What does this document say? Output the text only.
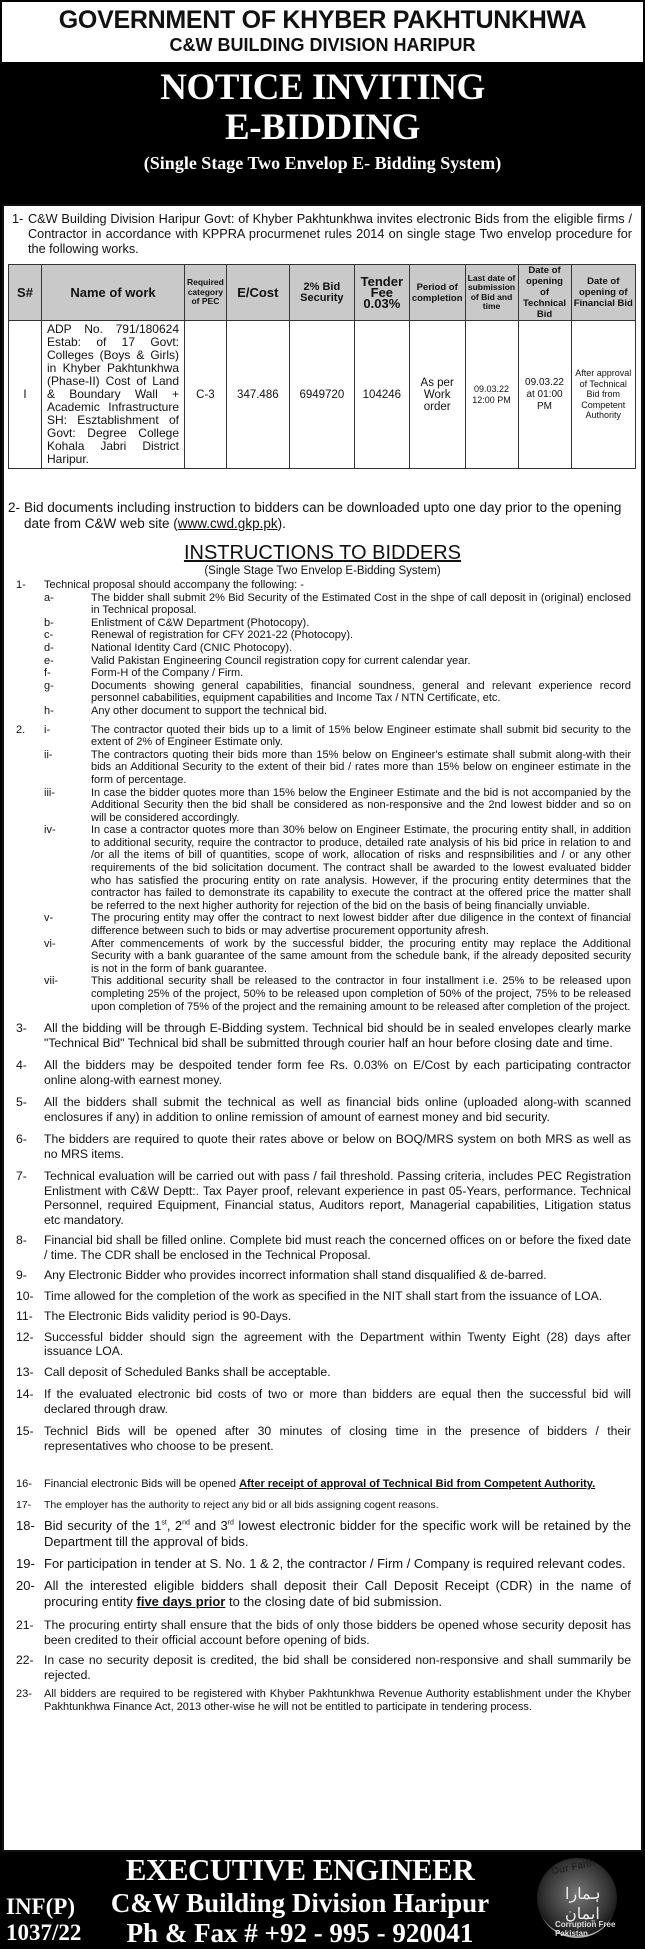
GOVERNMENT OF KHYBER PAKHTUNKHWA
C&W BUILDING DIVISION HARIPUR
NOTICE INVITING
E-BIDDING
(Single Stage Two Envelop E- Bidding System)
1- C&W Building Division Haripur Govt: of Khyber Pakhtunkhwa invites electronic Bids from the eligible firms / Contractor in accordance with KPPRA procurmenet rules 2014 on single stage Two envelop procedure for the following works.
S#	Name of work	Required category of PEC	E/Cost	2% Bid Security	Tender Fee 0.03%	Period of completion	Last date of submission of Bid and time	Date of opening of Technical Bid	Date of opening of Financial Bid
I	ADP No. 791/180624 Estab: of 17 Govt: Colleges (Boys & Girls) in Khyber Pakhtunkhwa (Phase-II) Cost of Land & Boundary Wall + Academic Infrastructure SH: Esztablishment of Govt: Degree College Kohala Jabri District Haripur.	C-3	347.486	6949720	104246	As per Work order	09.03.22 12:00 PM	09.03.22 at 01:00 PM	After approval of Technical Bid from Competent Authority
2- Bid documents including instruction to bidders can be downloaded upto one day prior to the opening date from C&W web site (www.cwd.gkp.pk).
INSTRUCTIONS TO BIDDERS
(Single Stage Two Envelop E-Bidding System)
1- Technical proposal should accompany the following: -
a-	The bidder shall submit 2% Bid Security of the Estimated Cost in the shpe of call deposit in (original) enclosed in Technical proposal.
b-	Enlistment of C&W Department (Photocopy).
c-	Renewal of registration for CFY 2021-22 (Photocopy).
d-	National Identity Card (CNIC Photocopy).
e-	Valid Pakistan Engineering Council registration copy for current calendar year.
f-	Form-H of the Company / Firm.
g-	Documents showing general capabilities, financial soundness, general and relevant experience record personnel cababilities, equipment capabilities and Income Tax / NTN Certificate, etc.
h-	Any other document to support the technical bid.
2. i-	The contractor quoted their bids up to a limit of 15% below Engineer estimate shall submit bid security to the extent of 2% of Engineer Estimate only.
ii-	The contractors quoting their bids more than 15% below on Engineer's estimate shall submit along-with their bids an Additional Security to the extent of their bid / rates more than 15% below on engineer estimate in the form of percentage.
iii-	In case the bidder quotes more than 15% below the Engineer Estimate and the bid is not accompanied by the Additional Security then the bid shall be considered as non-responsive and the 2nd lowest bidder and so on will be considered accordingly.
iv-	In case a contractor quotes more than 30% below on Engineer Estimate, the procuring entity shall, in addition to additional security, require the contractor to produce, detailed rate analysis of his bid price in relation to and /or all the items of bill of quantities, scope of work, allocation of risks and respnsibilities and / or any other requirements of the bid solicitation document. The contract shall be awarded to the lowest evaluated bidder who has satisfied the procuring entity on rate analysis. However, if the procuring entity determines that the contractor has failed to demonstrate its capability to execute the contract at the offered price the matter shall be referred to the next higher authority for rejection of the bid on the basis of being financially unviable.
v-	The procuring entity may offer the contract to next lowest bidder after due diligence in the context of financial difference between such to bids or may advertise procurement opportunity afresh.
vi-	After commencements of work by the successful bidder, the procuring entity may replace the Additional Security with a bank guarantee of the same amount from the schedule bank, if the already deposited security is not in the form of bank guarantee.
vii-	This additional security shall be released to the contractor in four installment i.e. 25% to be released upon completing 25% of the project, 50% to be released upon completion of 50% of the project, 75% to be released upon completion of 75% of the project and the remaining amount to be released after completion of the project.
3- All the bidding will be through E-Bidding system. Technical bid should be in sealed envelopes clearly marke "Technical Bid" Technical bid shall be submitted through courier half an hour before closing date and time.
4- All the bidders may be despoited tender form fee Rs. 0.03% on E/Cost by each participating contractor online along-with earnest money.
5- All the bidders shall submit the technical as well as financial bids online (uploaded along-with scanned enclosures if any) in addition to online remission of amount of earnest money and bid security.
6- The bidders are required to quote their rates above or below on BOQ/MRS system on both MRS as well as no MRS items.
7- Technical evaluation will be carried out with pass / fail threshold. Passing criteria, includes PEC Registration Enlistment with C&W Deptt:. Tax Payer proof, relevant experience in past 05-Years, performance. Technical Personnel, required Equipment, Financial status, Auditors report, Managerial capabilities, Litigation status etc mandatory.
8- Financial bid shall be filled online. Complete bid must reach the concerned offices on or before the fixed date / time. The CDR shall be enclosed in the Technical Proposal.
9- Any Electronic Bidder who provides incorrect information shall stand disqualified & de-barred.
10- Time allowed for the completion of the work as specified in the NIT shall start from the issuance of LOA.
11- The Electronic Bids validity period is 90-Days.
12- Successful bidder should sign the agreement with the Department within Twenty Eight (28) days after issuance LOA.
13- Call deposit of Scheduled Banks shall be acceptable.
14- If the evaluated electronic bid costs of two or more than bidders are equal then the successful bid will declared through draw.
15- Technicl Bids will be opened after 30 minutes of closing time in the presence of bidders / their representatives who choose to be present.
16- Financial electronic Bids will be opened After receipt of approval of Technical Bid from Competent Authority.
17- The employer has the authority to reject any bid or all bids assigning cogent reasons.
18- Bid security of the 1st, 2nd and 3rd lowest electronic bidder for the specific work will be retained by the Department till the approval of bids.
19- For participation in tender at S. No. 1 & 2, the contractor / Firm / Company is required relevant codes.
20- All the interested eligible bidders shall deposit their Call Deposit Receipt (CDR) in the name of procuring entity five days prior to the closing date of bid submission.
21- The procuring entirty shall ensure that the bids of only those bidders be opened whose security deposit has been credited to their official account before opening of bids.
22- In case no security deposit is credited, the bid shall be considered non-responsive and shall summarily be rejected.
23- All bidders are required to be registered with Khyber Pakhtunkhwa Revenue Authority establishment under the Khyber Pakhtunkhwa Finance Act, 2013 other-wise he will not be entitled to participate in tendering process.
INF(P)
1037/22
EXECUTIVE ENGINEER
C&W Building Division Haripur
Ph & Fax # +92 - 995 - 920041
Our Faith
ہمارا ایمان
Corruption Free Pakistan
